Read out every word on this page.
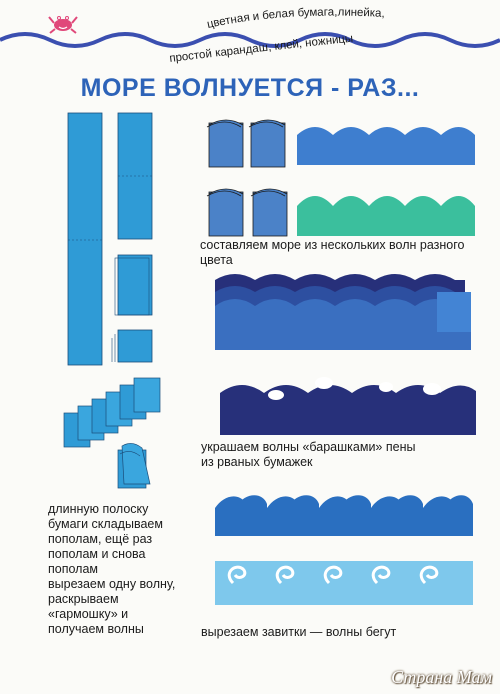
цветная и белая бумага,линейка,
простой карандаш, клей, ножницы
МОРЕ ВОЛНУЕТСЯ - РАЗ...
составляем море из нескольких волн разного
цвета
украшаем волны «барашками» пены
из рваных бумажек
длинную полоску
бумаги складываем
пополам, ещё раз
пополам и снова
пополам
вырезаем одну волну,
раскрываем
«гармошку» и
получаем волны	вырезаем завитки — волны бегут
Страна Мам
